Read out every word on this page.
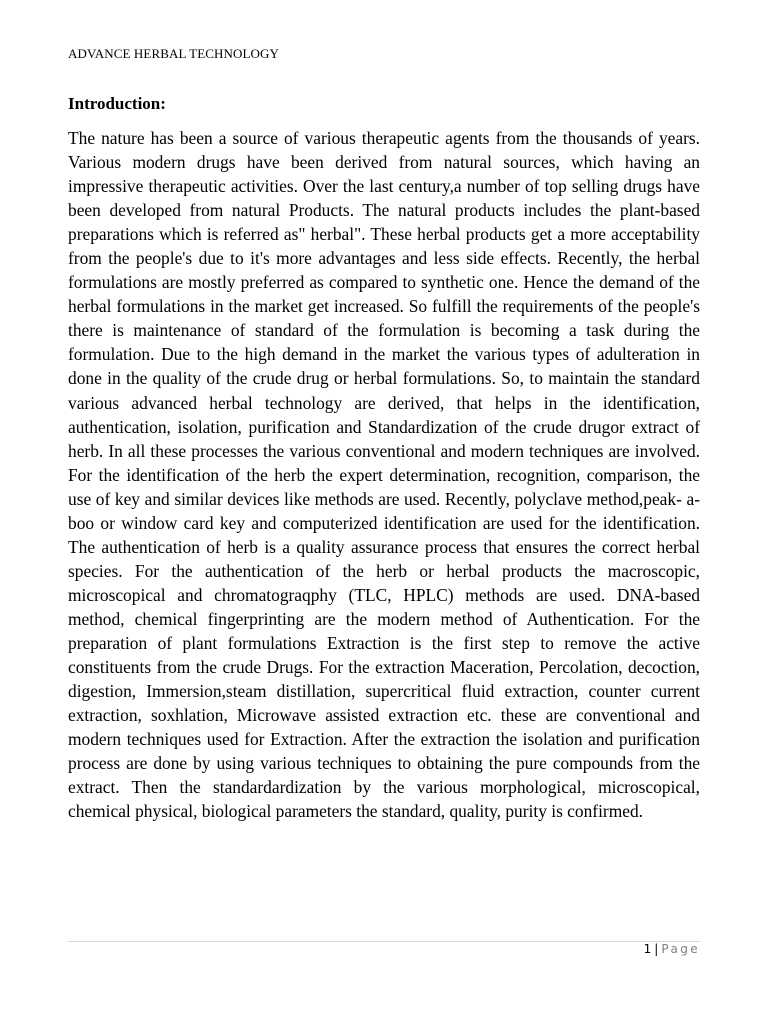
ADVANCE HERBAL TECHNOLOGY
Introduction:

The nature has been a source of various therapeutic agents from the thousands of years. Various modern drugs have been derived from natural sources, which having an impressive therapeutic activities. Over the last century,a number of top selling drugs have been developed from natural Products. The natural products includes the plant-based preparations which is referred as" herbal". These herbal products get a more acceptability from the people's due to it's more advantages and less side effects. Recently, the herbal formulations are mostly preferred as compared to synthetic one. Hence the demand of the herbal formulations in the market get increased. So fulfill the requirements of the people's there is maintenance of standard of the formulation is becoming a task during the formulation. Due to the high demand in the market the various types of adulteration in done in the quality of the crude drug or herbal formulations. So, to maintain the standard various advanced herbal technology are derived, that helps in the identification, authentication, isolation, purification and Standardization of the crude drugor extract of herb. In all these processes the various conventional and modern techniques are involved. For the identification of the herb the expert determination, recognition, comparison, the use of key and similar devices like methods are used. Recently, polyclave method,peak- a- boo or window card key and computerized identification are used for the identification. The authentication of herb is a quality assurance process that ensures the correct herbal species. For the authentication of the herb or herbal products the macroscopic, microscopical and chromatograqphy (TLC, HPLC) methods are used. DNA-based method, chemical fingerprinting are the modern method of Authentication. For the preparation of plant formulations Extraction is the first step to remove the active constituents from the crude Drugs. For the extraction Maceration, Percolation, decoction, digestion, Immersion,steam distillation, supercritical fluid extraction, counter current extraction, soxhlation, Microwave assisted extraction etc. these are conventional and modern techniques used for Extraction. After the extraction the isolation and purification process are done by using various techniques to obtaining the pure compounds from the extract. Then the standardardization by the various morphological, microscopical, chemical physical, biological parameters the standard, quality, purity is confirmed.

1 | Page
